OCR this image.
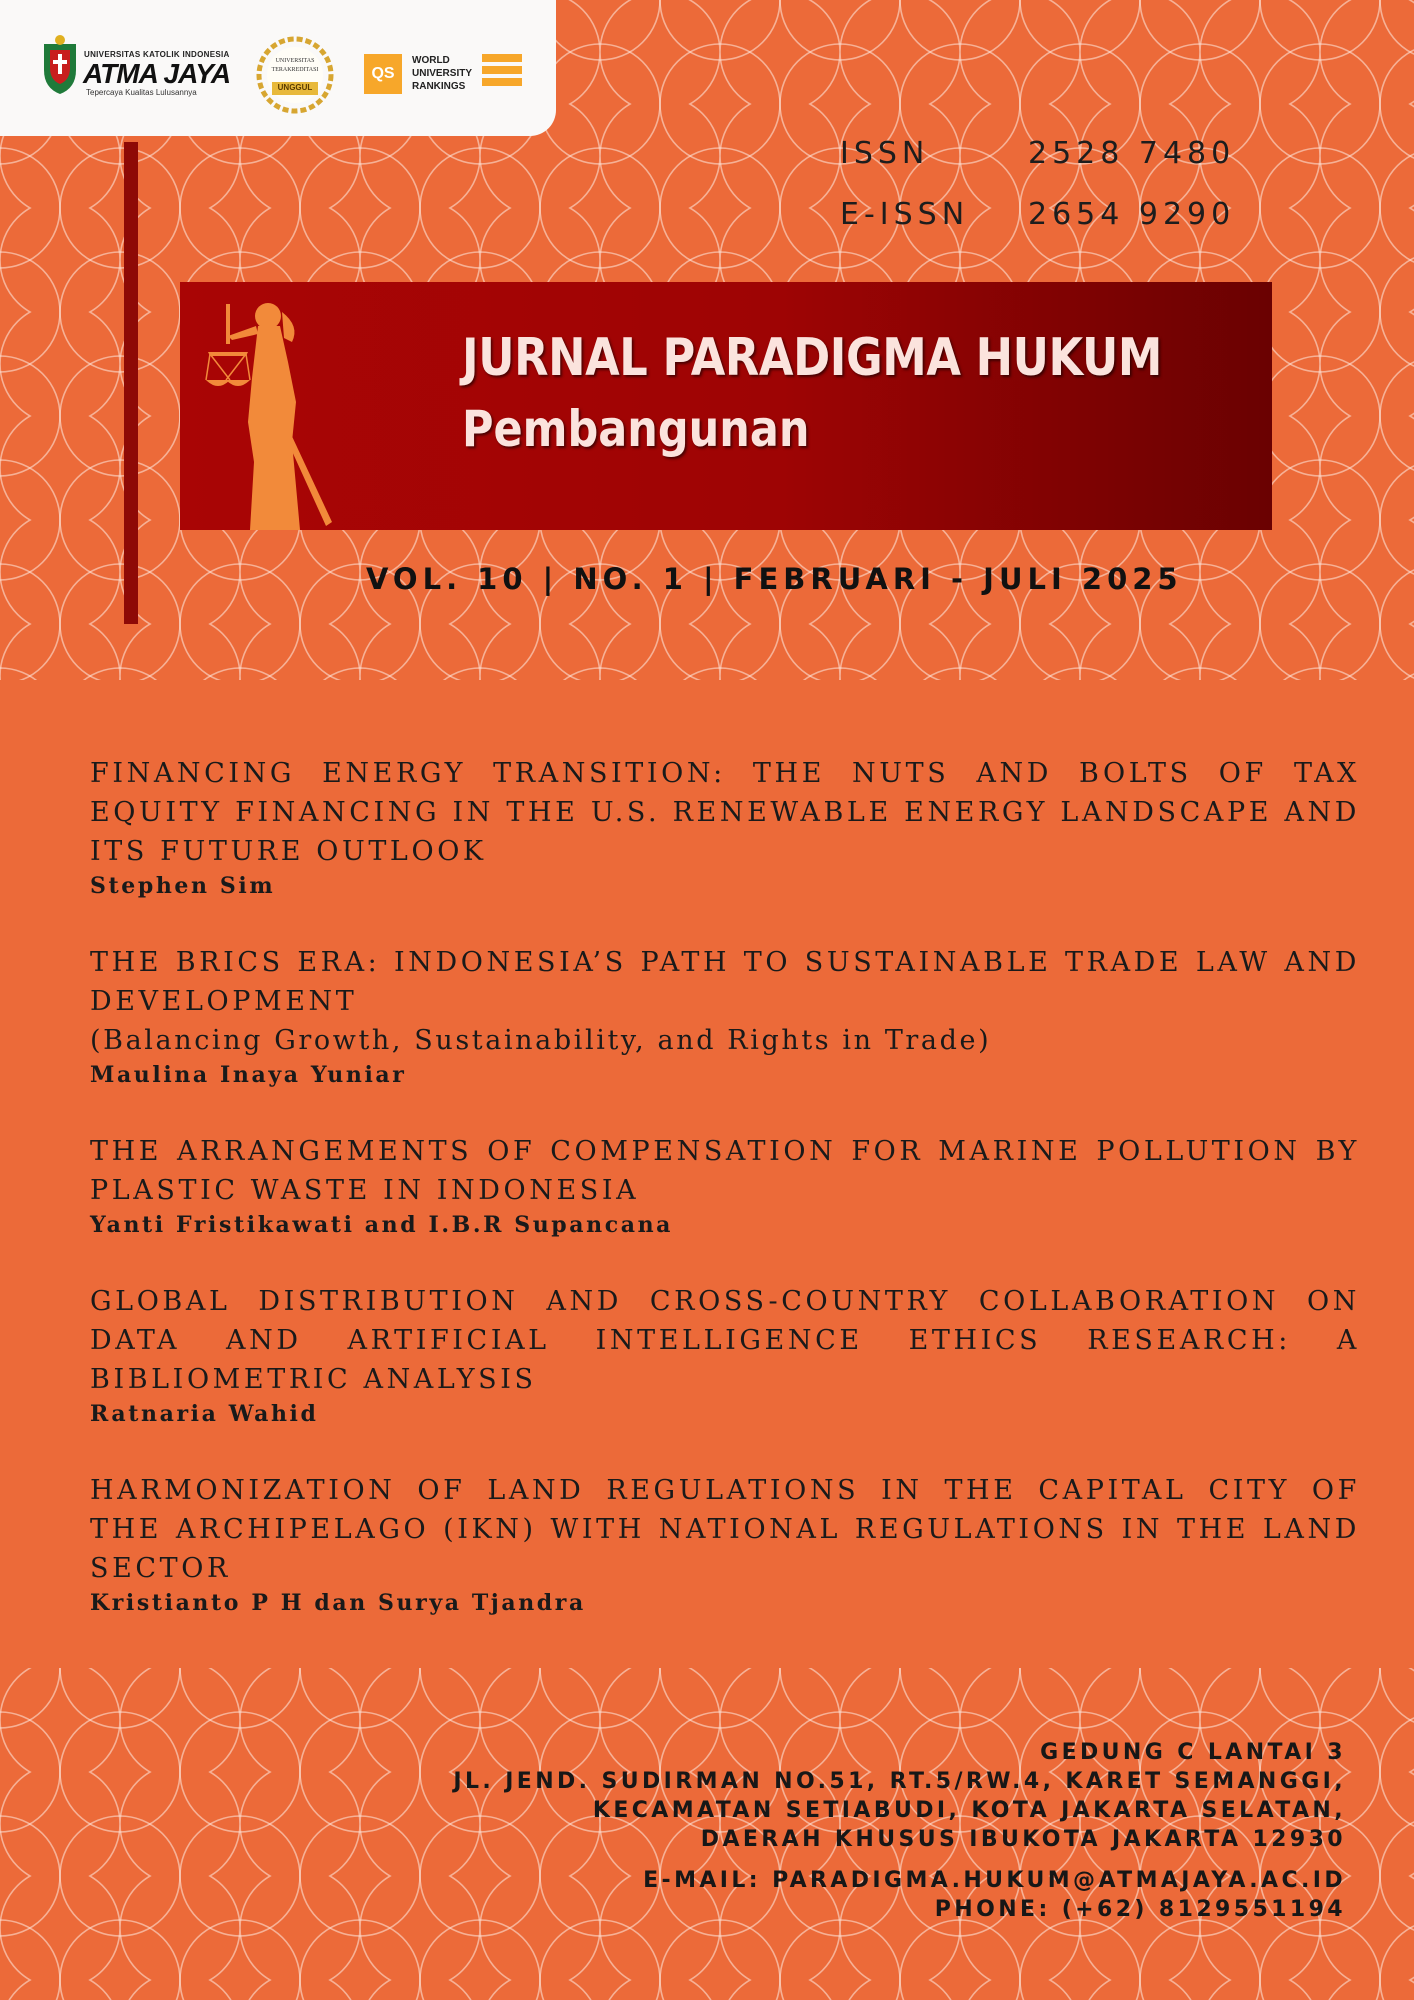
UNIVERSITAS KATOLIK INDONESIA
ATMA JAYA
Tepercaya Kualitas Lulusannya
UNIVERSITAS
TERAKREDITASI
UNGGUL
QS
WORLD
UNIVERSITY
RANKINGS
ISSN	2528 7480
E-ISSN 2654 9290
JURNAL PARADIGMA HUKUM
Pembangunan
VOL. 10 | NO. 1 | FEBRUARI - JULI 2025
FINANCING ENERGY TRANSITION: THE NUTS AND BOLTS OF TAX EQUITY FINANCING IN THE U.S. RENEWABLE ENERGY LANDSCAPE AND ITS FUTURE OUTLOOK
Stephen Sim
THE BRICS ERA: INDONESIA’S PATH TO SUSTAINABLE TRADE LAW AND DEVELOPMENT
(Balancing Growth, Sustainability, and Rights in Trade)
Maulina Inaya Yuniar
THE ARRANGEMENTS OF COMPENSATION FOR MARINE POLLUTION BY PLASTIC WASTE IN INDONESIA
Yanti Fristikawati and I.B.R Supancana
GLOBAL DISTRIBUTION AND CROSS-COUNTRY COLLABORATION ON DATA AND ARTIFICIAL INTELLIGENCE ETHICS RESEARCH: A BIBLIOMETRIC ANALYSIS
Ratnaria Wahid
HARMONIZATION OF LAND REGULATIONS IN THE CAPITAL CITY OF THE ARCHIPELAGO (IKN) WITH NATIONAL REGULATIONS IN THE LAND SECTOR
Kristianto P H dan Surya Tjandra
GEDUNG C LANTAI 3
JL. JEND. SUDIRMAN NO.51, RT.5/RW.4, KARET SEMANGGI,
KECAMATAN SETIABUDI, KOTA JAKARTA SELATAN,
DAERAH KHUSUS IBUKOTA JAKARTA 12930
E-MAIL: PARADIGMA.HUKUM@ATMAJAYA.AC.ID
PHONE: (+62) 8129551194
